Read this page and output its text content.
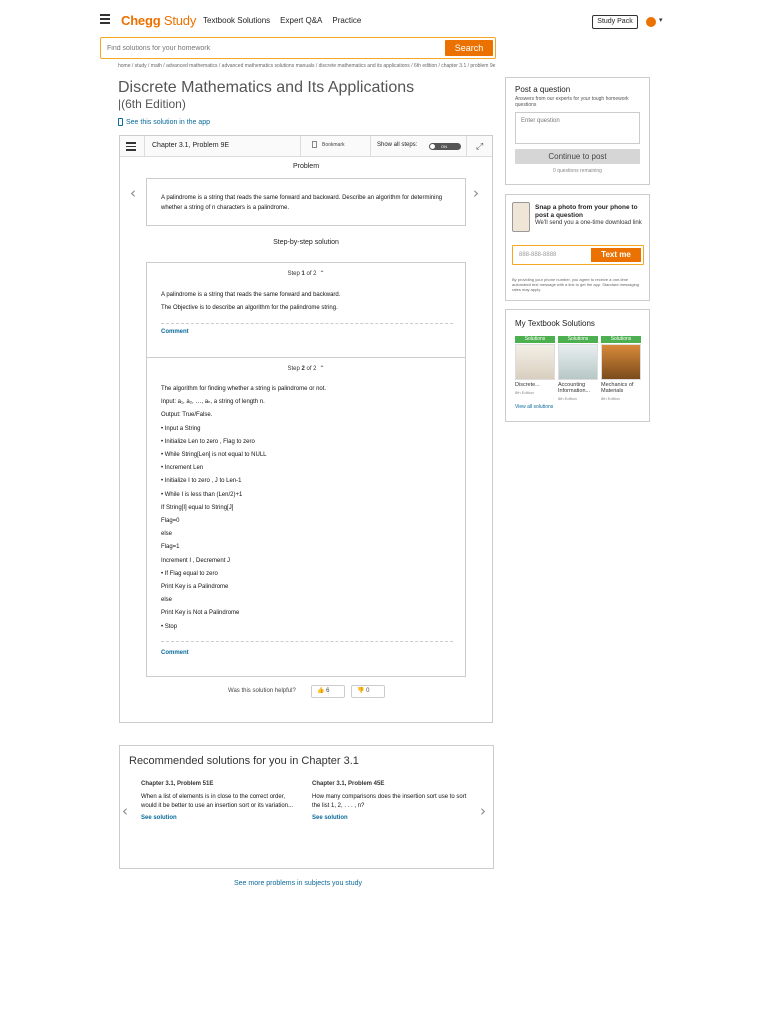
Chegg Study Textbook Solutions Expert Q&A Practice	Study Pack	▾
Find solutions for your homework
Search
home / study / math / advanced mathematics / advanced mathematics solutions manuals / discrete mathematics and its applications / 6th edition / chapter 3.1 / problem 9e
Discrete Mathematics and Its Applications
|(6th Edition)
See this solution in the app
Chapter 3.1, Problem 9E	Bookmark	Show all steps:	ON	⤢
Problem
‹	›

A palindrome is a string that reads the same forward and backward. Describe an algorithm for determining whether a string of n characters is a palindrome.

Step-by-step solution
Step 1 of 2 ⌃
A palindrome is a string that reads the same forward and backward.
The Objective is to describe an algorithm for the palindrome string.
Comment
Step 2 of 2 ⌃
The algorithm for finding whether a string is palindrome or not.
Input: a₁, a₂, …, aₙ, a string of length n.
Output: True/False.
• Input a String
• Initialize Len to zero , Flag to zero
• While String[Len] is not equal to NULL
• Increment Len
• Initialize I to zero , J to Len-1
• While I is less than (Len/2)+1
If String[I] equal to String[J]
Flag=0
else
Flag=1
Increment I , Decrement J
• If Flag equal to zero
Print Key is a Palindrome
else
Print Key is Not a Palindrome
• Stop
Comment
Was this solution helpful?	👍 6	👎 0
Recommended solutions for you in Chapter 3.1
‹	›
Chapter 3.1, Problem 51E
When a list of elements is in close to the correct order, would it be better to use an insertion sort or its variation...
See solution
Chapter 3.1, Problem 45E
How many comparisons does the insertion sort use to sort the list 1, 2, . . . , n?
See solution
See more problems in subjects you study
Post a question
Answers from our experts for your tough homework questions
Enter question
Continue to post
0 questions remaining
Snap a photo from your phone to post a question
We'll send you a one-time download link
888-888-8888	Text me
By providing your phone number, you agree to receive a one-time automated text message with a link to get the app. Standard messaging rates may apply.
My Textbook Solutions
Solutions
Discrete...
6th Edition
Solutions
Accounting Information...
8th Edition
Solutions
Mechanics of Materials
8th Edition
View all solutions
